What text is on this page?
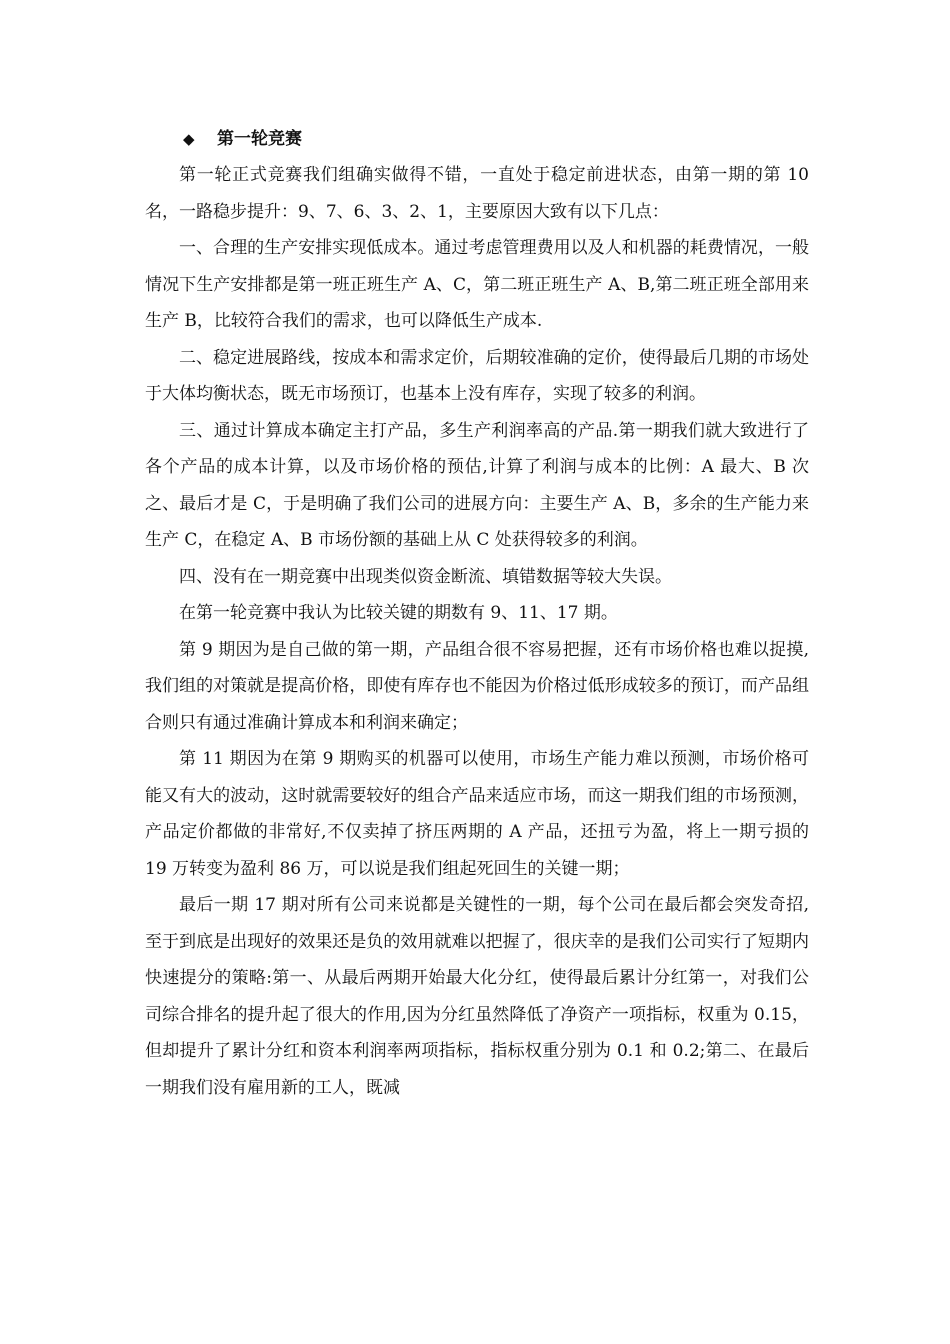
◆	第一轮竞赛

第一轮正式竞赛我们组确实做得不错，一直处于稳定前进状态，由第一期的第 10 名，一路稳步提升：9、7、6、3、2、1，主要原因大致有以下几点：

一、合理的生产安排实现低成本。通过考虑管理费用以及人和机器的耗费情况，一般情况下生产安排都是第一班正班生产 A、C，第二班正班生产 A、B,第二班正班全部用来生产 B，比较符合我们的需求，也可以降低生产成本.

二、稳定进展路线，按成本和需求定价，后期较准确的定价，使得最后几期的市场处于大体均衡状态，既无市场预订，也基本上没有库存，实现了较多的利润。

三、通过计算成本确定主打产品，多生产利润率高的产品.第一期我们就大致进行了各个产品的成本计算，以及市场价格的预估,计算了利润与成本的比例：A 最大、B 次之、最后才是 C，于是明确了我们公司的进展方向：主要生产 A、B，多余的生产能力来生产 C，在稳定 A、B 市场份额的基础上从 C 处获得较多的利润。

四、没有在一期竞赛中出现类似资金断流、填错数据等较大失误。

在第一轮竞赛中我认为比较关键的期数有 9、11、17 期。

第 9 期因为是自己做的第一期，产品组合很不容易把握，还有市场价格也难以捉摸,我们组的对策就是提高价格，即使有库存也不能因为价格过低形成较多的预订，而产品组合则只有通过准确计算成本和利润来确定；

第 11 期因为在第 9 期购买的机器可以使用，市场生产能力难以预测，市场价格可能又有大的波动，这时就需要较好的组合产品来适应市场，而这一期我们组的市场预测，产品定价都做的非常好,不仅卖掉了挤压两期的 A 产品，还扭亏为盈，将上一期亏损的 19 万转变为盈利 86 万，可以说是我们组起死回生的关键一期；

最后一期 17 期对所有公司来说都是关键性的一期，每个公司在最后都会突发奇招,至于到底是出现好的效果还是负的效用就难以把握了，很庆幸的是我们公司实行了短期内快速提分的策略:第一、从最后两期开始最大化分红，使得最后累计分红第一，对我们公司综合排名的提升起了很大的作用,因为分红虽然降低了净资产一项指标，权重为 0.15，但却提升了累计分红和资本利润率两项指标，指标权重分别为 0.1 和 0.2;第二、在最后一期我们没有雇用新的工人，既减
